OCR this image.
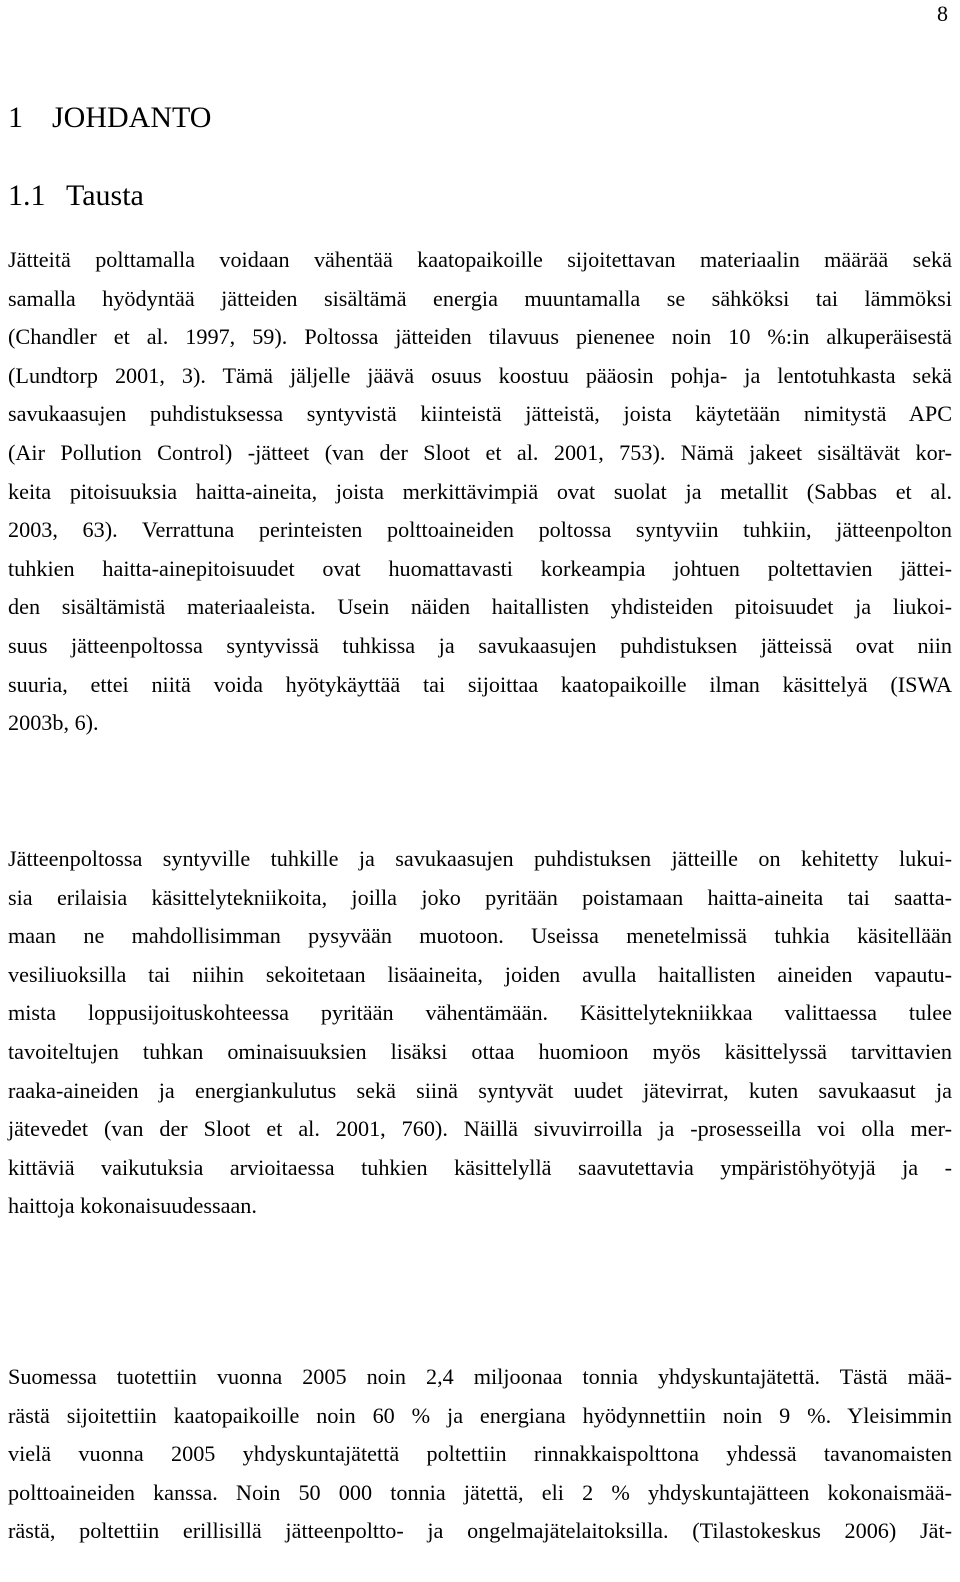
8
1 JOHDANTO
1.1 Tausta

Jätteitä polttamalla voidaan vähentää kaatopaikoille sijoitettavan materiaalin määrää sekä
samalla hyödyntää jätteiden sisältämä energia muuntamalla se sähköksi tai lämmöksi
(Chandler et al. 1997, 59). Poltossa jätteiden tilavuus pienenee noin 10 %:in alkuperäisestä
(Lundtorp 2001, 3). Tämä jäljelle jäävä osuus koostuu pääosin pohja- ja lentotuhkasta sekä
savukaasujen puhdistuksessa syntyvistä kiinteistä jätteistä, joista käytetään nimitystä APC
(Air Pollution Control) -jätteet (van der Sloot et al. 2001, 753). Nämä jakeet sisältävät kor-
keita pitoisuuksia haitta-aineita, joista merkittävimpiä ovat suolat ja metallit (Sabbas et al.
2003, 63). Verrattuna perinteisten polttoaineiden poltossa syntyviin tuhkiin, jätteenpolton
tuhkien haitta-ainepitoisuudet ovat huomattavasti korkeampia johtuen poltettavien jättei-
den sisältämistä materiaaleista. Usein näiden haitallisten yhdisteiden pitoisuudet ja liukoi-
suus jätteenpoltossa syntyvissä tuhkissa ja savukaasujen puhdistuksen jätteissä ovat niin
suuria, ettei niitä voida hyötykäyttää tai sijoittaa kaatopaikoille ilman käsittelyä (ISWA
2003b, 6).

Jätteenpoltossa syntyville tuhkille ja savukaasujen puhdistuksen jätteille on kehitetty lukui-
sia erilaisia käsittelytekniikoita, joilla joko pyritään poistamaan haitta-aineita tai saatta-
maan ne mahdollisimman pysyvään muotoon. Useissa menetelmissä tuhkia käsitellään
vesiliuoksilla tai niihin sekoitetaan lisäaineita, joiden avulla haitallisten aineiden vapautu-
mista loppusijoituskohteessa pyritään vähentämään. Käsittelytekniikkaa valittaessa tulee
tavoiteltujen tuhkan ominaisuuksien lisäksi ottaa huomioon myös käsittelyssä tarvittavien
raaka-aineiden ja energiankulutus sekä siinä syntyvät uudet jätevirrat, kuten savukaasut ja
jätevedet (van der Sloot et al. 2001, 760). Näillä sivuvirroilla ja -prosesseilla voi olla mer-
kittäviä vaikutuksia arvioitaessa tuhkien käsittelyllä saavutettavia ympäristöhyötyjä ja -
haittoja kokonaisuudessaan.

Suomessa tuotettiin vuonna 2005 noin 2,4 miljoonaa tonnia yhdyskuntajätettä. Tästä mää-
rästä sijoitettiin kaatopaikoille noin 60 % ja energiana hyödynnettiin noin 9 %. Yleisimmin
vielä vuonna 2005 yhdyskuntajätettä poltettiin rinnakkaispolttona yhdessä tavanomaisten
polttoaineiden kanssa. Noin 50 000 tonnia jätettä, eli 2 % yhdyskuntajätteen kokonaismää-
rästä, poltettiin erillisillä jätteenpoltto- ja ongelmajätelaitoksilla. (Tilastokeskus 2006) Jät-
